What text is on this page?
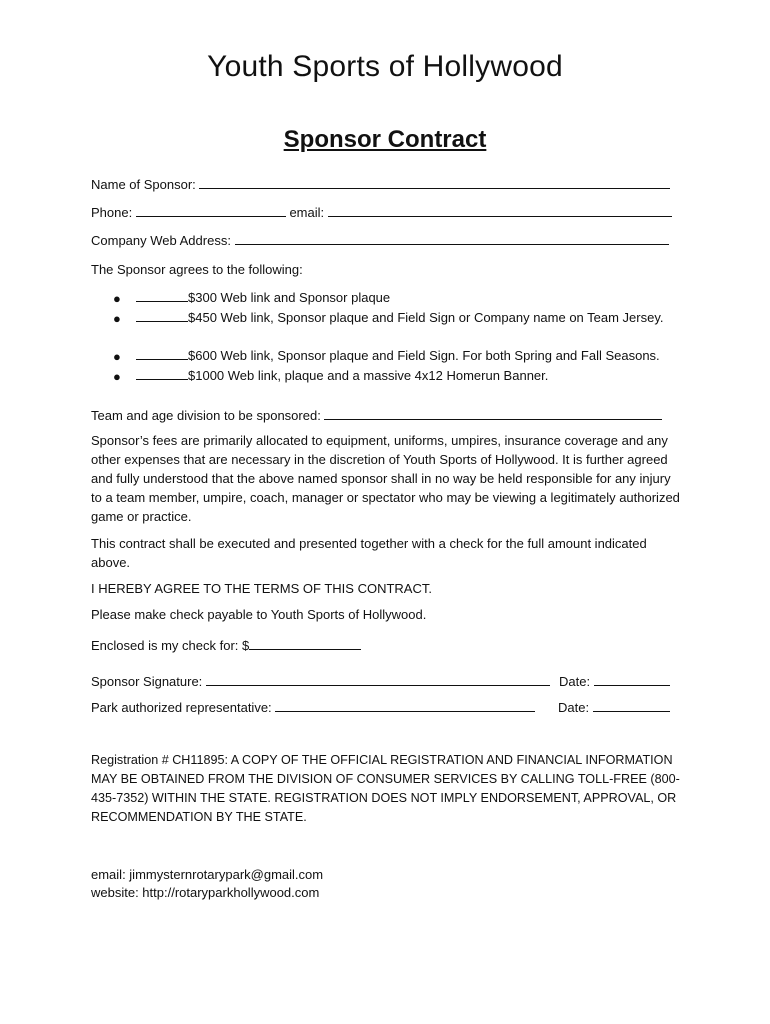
Youth Sports of Hollywood
Sponsor Contract
Name of Sponsor:
Phone:	email:
Company Web Address:
The Sponsor agrees to the following:
●	$300 Web link and Sponsor plaque
●	$450 Web link, Sponsor plaque and Field Sign or Company name on Team Jersey.
●	$600 Web link, Sponsor plaque and Field Sign. For both Spring and Fall Seasons.
●	$1000 Web link, plaque and a massive 4x12 Homerun Banner.
Team and age division to be sponsored:
Sponsor’s fees are primarily allocated to equipment, uniforms, umpires, insurance coverage and any other expenses that are necessary in the discretion of Youth Sports of Hollywood. It is further agreed and fully understood that the above named sponsor shall in no way be held responsible for any injury to a team member, umpire, coach, manager or spectator who may be viewing a legitimately authorized game or practice.
This contract shall be executed and presented together with a check for the full amount indicated above.
I HEREBY AGREE TO THE TERMS OF THIS CONTRACT.
Please make check payable to Youth Sports of Hollywood.
Enclosed is my check for: $
Sponsor Signature:	Date:
Park authorized representative:	Date:
Registration # CH11895: A COPY OF THE OFFICIAL REGISTRATION AND FINANCIAL INFORMATION MAY BE OBTAINED FROM THE DIVISION OF CONSUMER SERVICES BY CALLING TOLL-FREE (800-435-7352) WITHIN THE STATE. REGISTRATION DOES NOT IMPLY ENDORSEMENT, APPROVAL, OR RECOMMENDATION BY THE STATE.
email: jimmysternrotarypark@gmail.com
website: http://rotaryparkhollywood.com
